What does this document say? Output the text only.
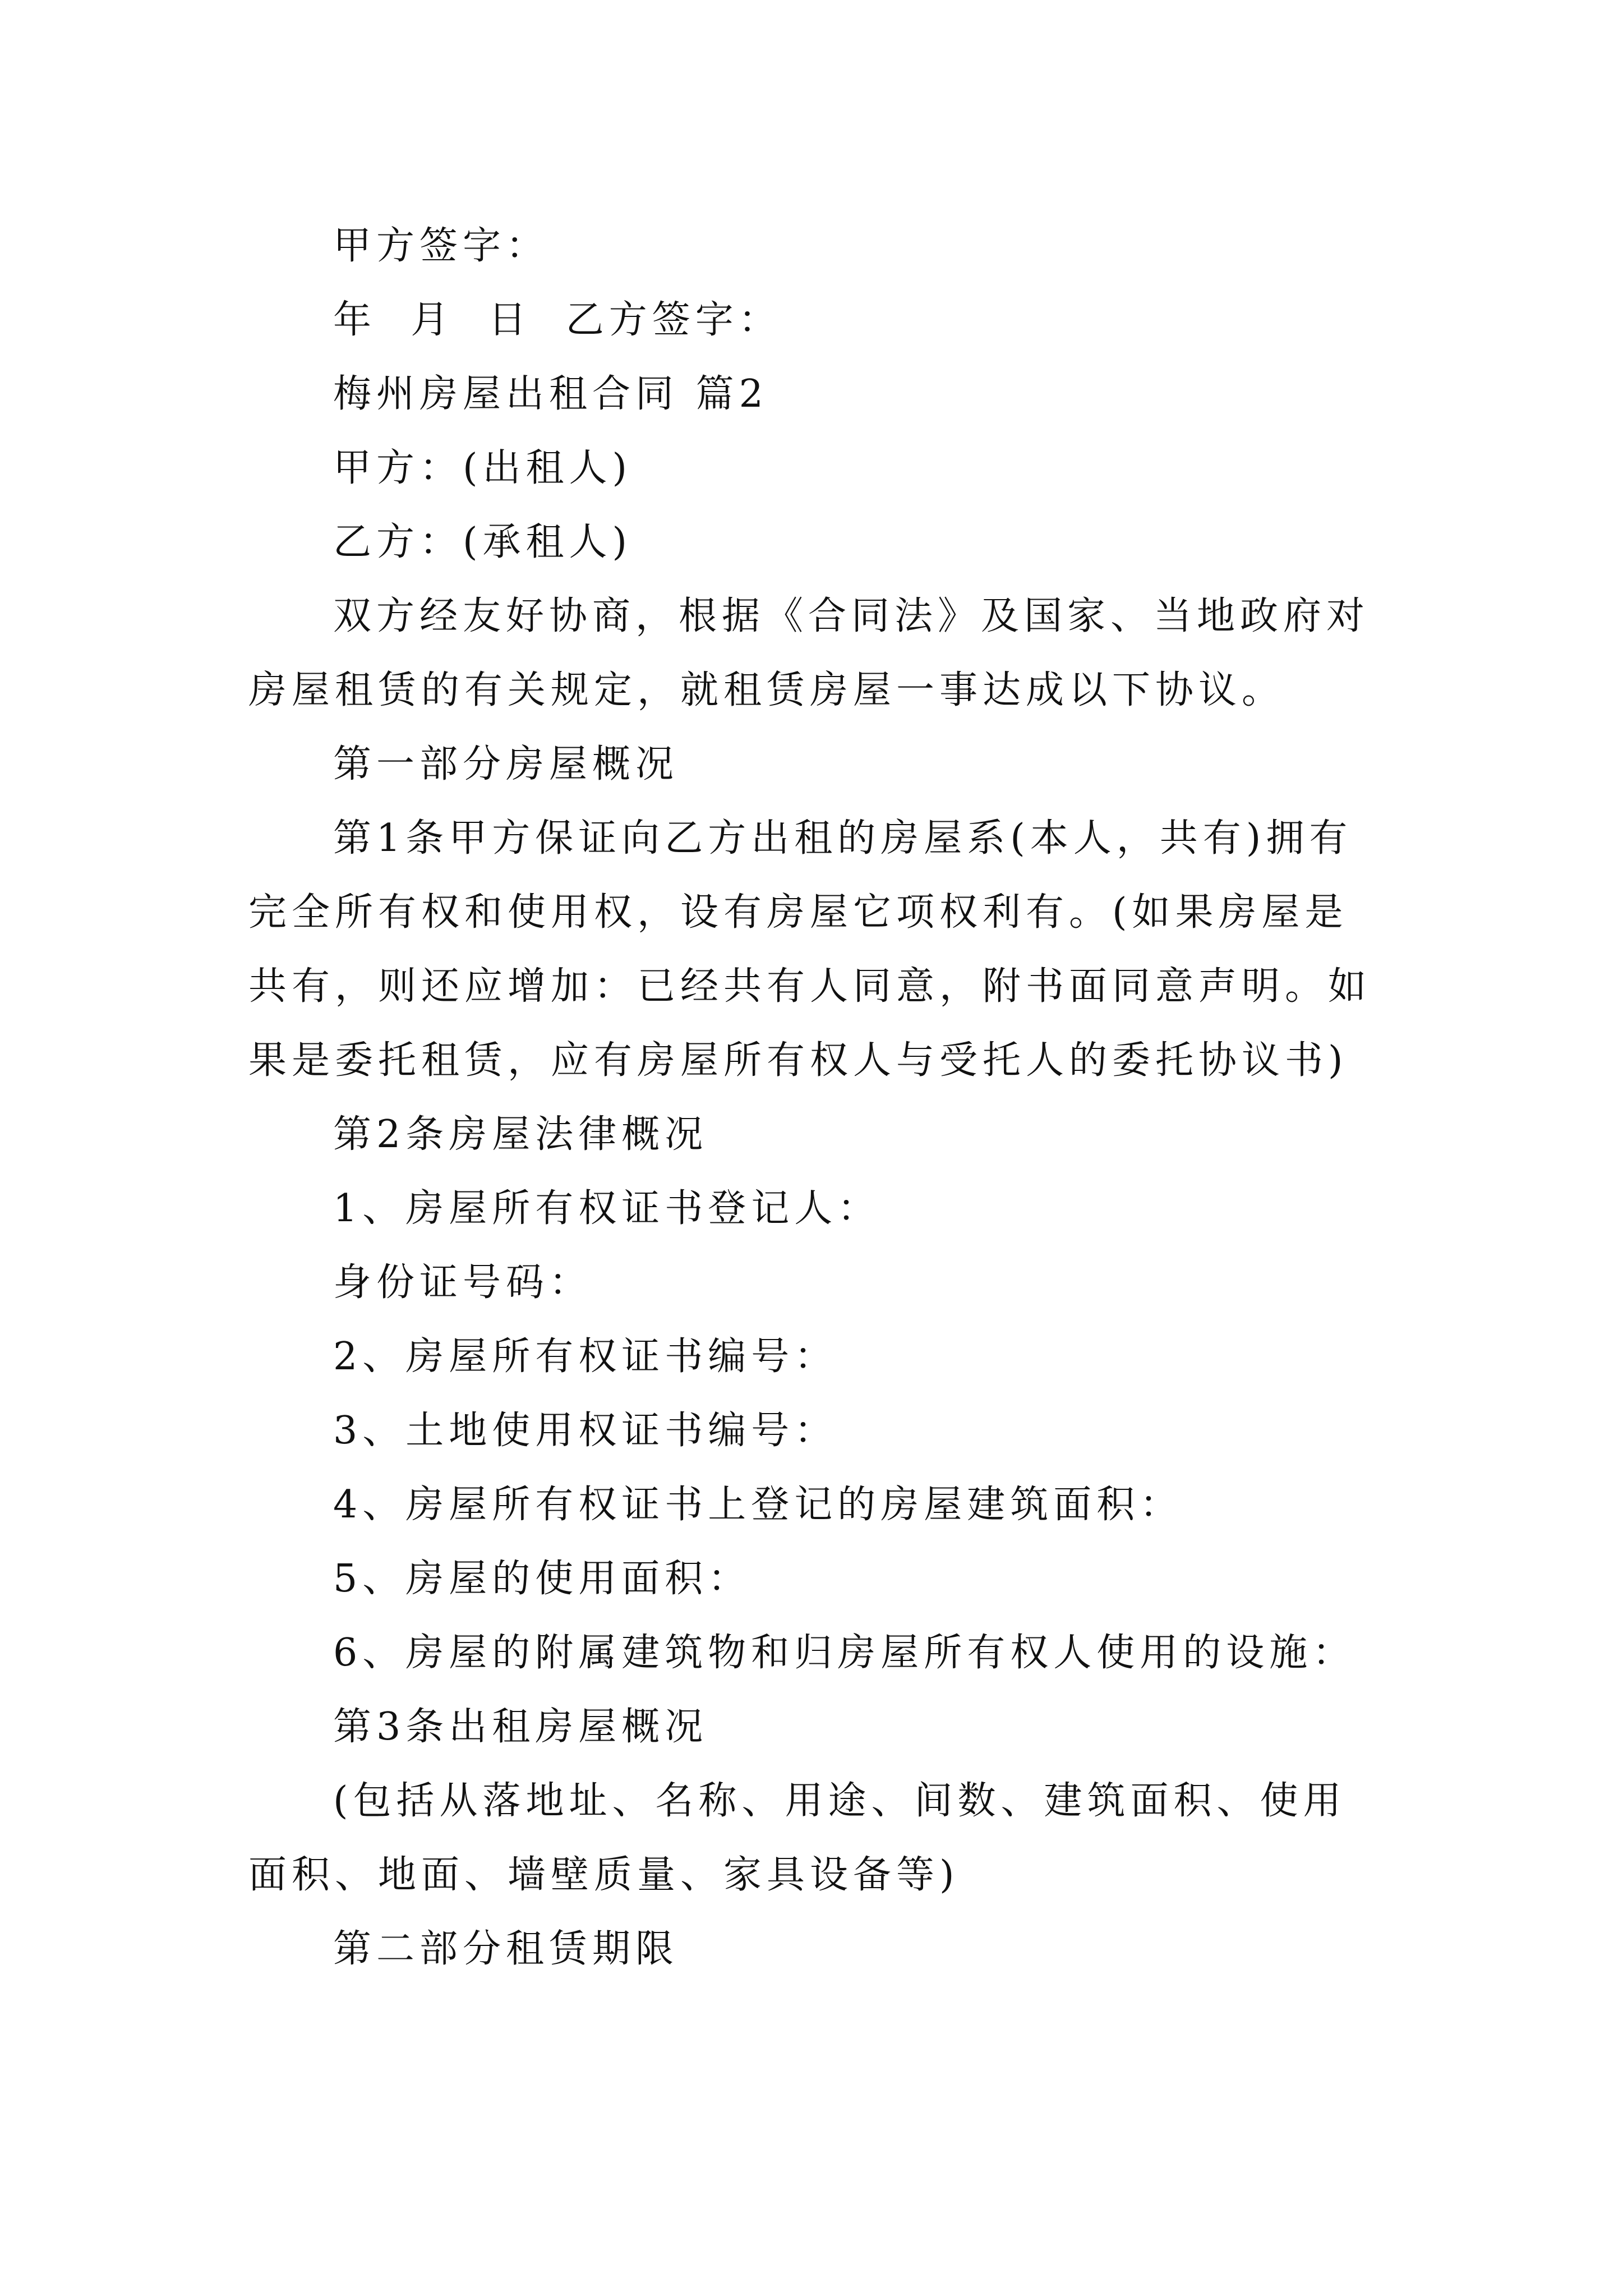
甲方签字：

年  月  日  乙方签字：

梅州房屋出租合同 篇2

甲方：(出租人)

乙方：(承租人)

双方经友好协商，根据《合同法》及国家、当地政府对房屋租赁的有关规定，就租赁房屋一事达成以下协议。

第一部分房屋概况

第1条甲方保证向乙方出租的房屋系(本人，共有)拥有完全所有权和使用权，设有房屋它项权利有。(如果房屋是共有，则还应增加：已经共有人同意，附书面同意声明。如果是委托租赁，应有房屋所有权人与受托人的委托协议书)

第2条房屋法律概况

1、房屋所有权证书登记人：

身份证号码：

2、房屋所有权证书编号：

3、土地使用权证书编号：

4、房屋所有权证书上登记的房屋建筑面积：

5、房屋的使用面积：

6、房屋的附属建筑物和归房屋所有权人使用的设施：

第3条出租房屋概况

(包括从落地址、名称、用途、间数、建筑面积、使用面积、地面、墙壁质量、家具设备等)

第二部分租赁期限
